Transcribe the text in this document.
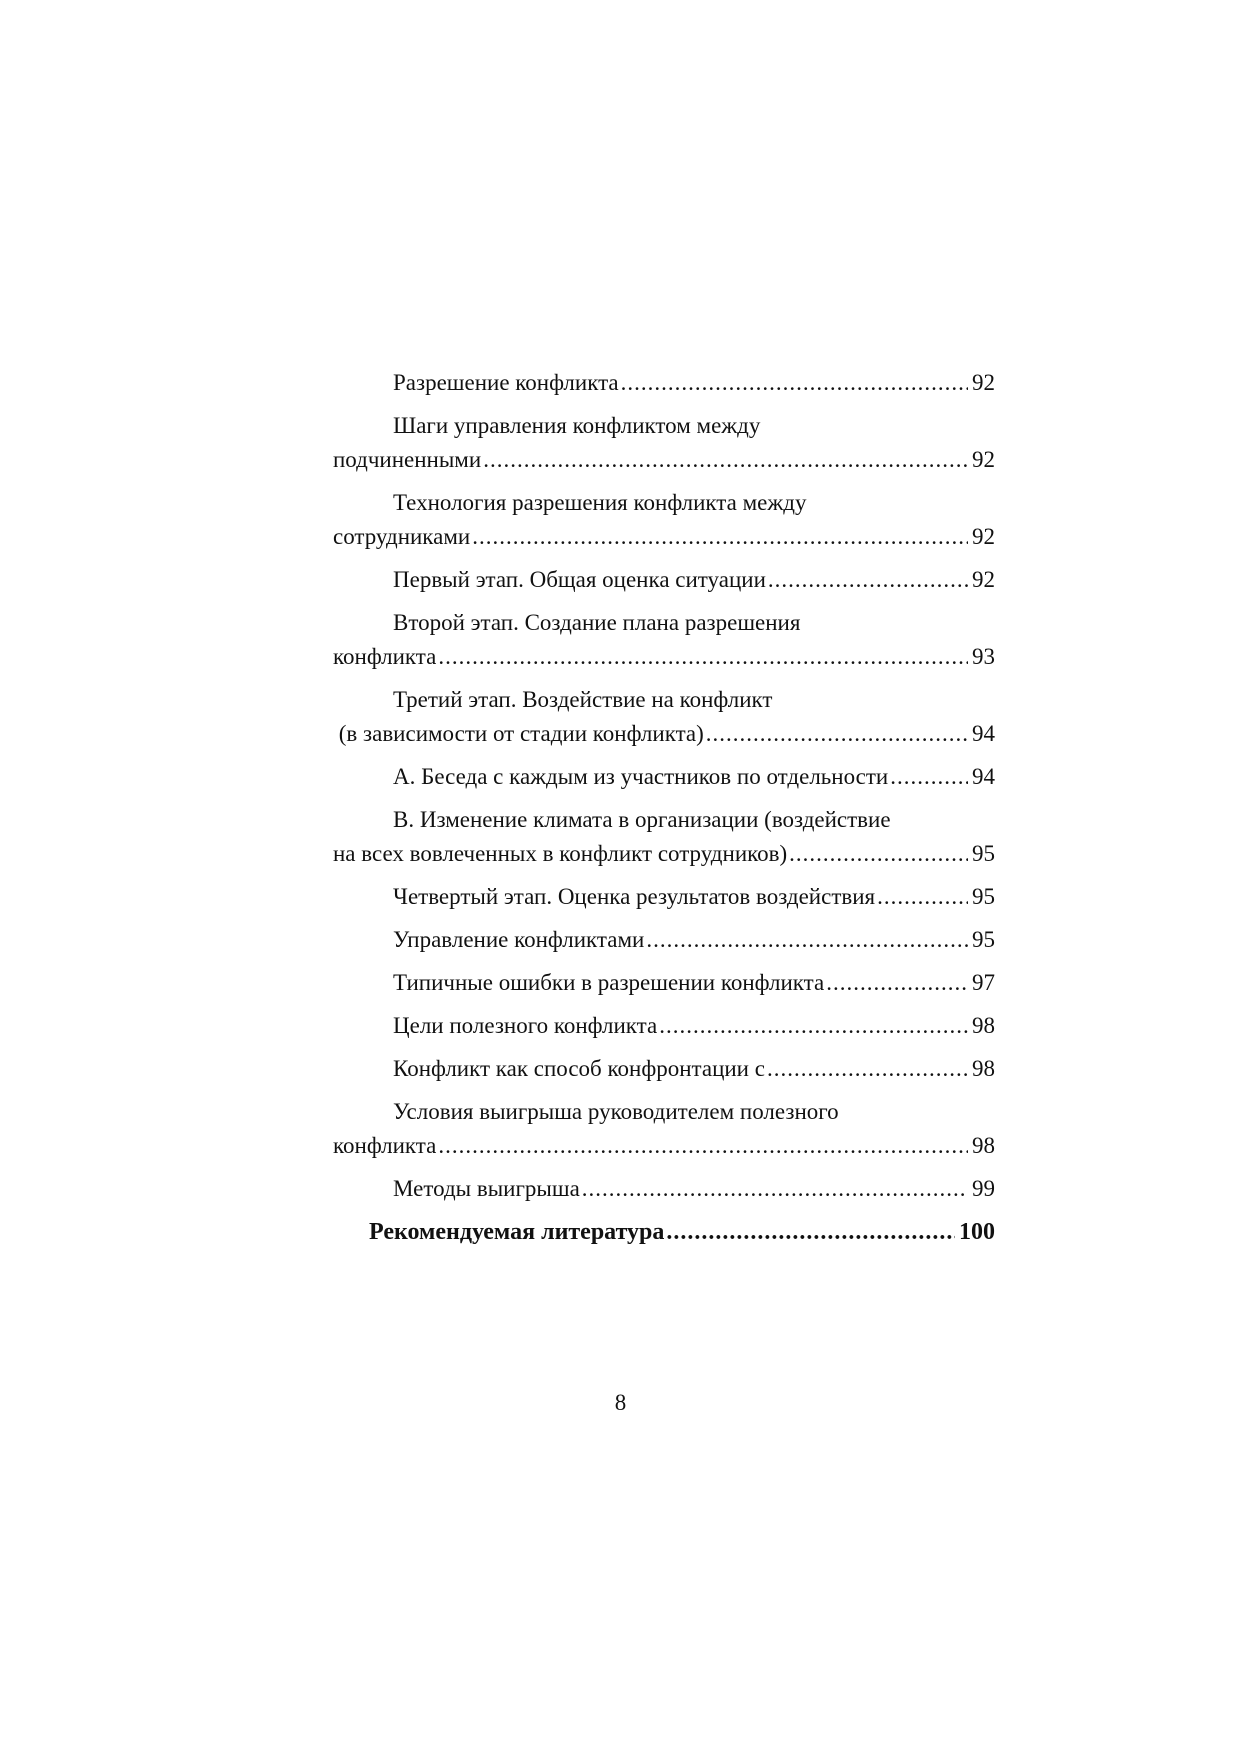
Разрешение конфликта .....	92
Шаги управления конфликтом между
подчиненными .....	92
Технология разрешения конфликта между
сотрудниками .....	92
Первый этап. Общая оценка ситуации .....	92
Второй этап. Создание плана разрешения
конфликта .....	93
Третий этап. Воздействие на конфликт
(в зависимости от стадии конфликта) .....	94
А. Беседа с каждым из участников по отдельности .....	94
В. Изменение климата в организации (воздействие
на всех вовлеченных в конфликт сотрудников) .....	95
Четвертый этап. Оценка результатов воздействия .....	95
Управление конфликтами .....	95
Типичные ошибки в разрешении конфликта .....	97
Цели полезного конфликта .....	98
Конфликт как способ конфронтации с .....	98
Условия выигрыша руководителем полезного
конфликта .....	98
Методы выигрыша .....	99
Рекомендуемая литература .....	100
8
